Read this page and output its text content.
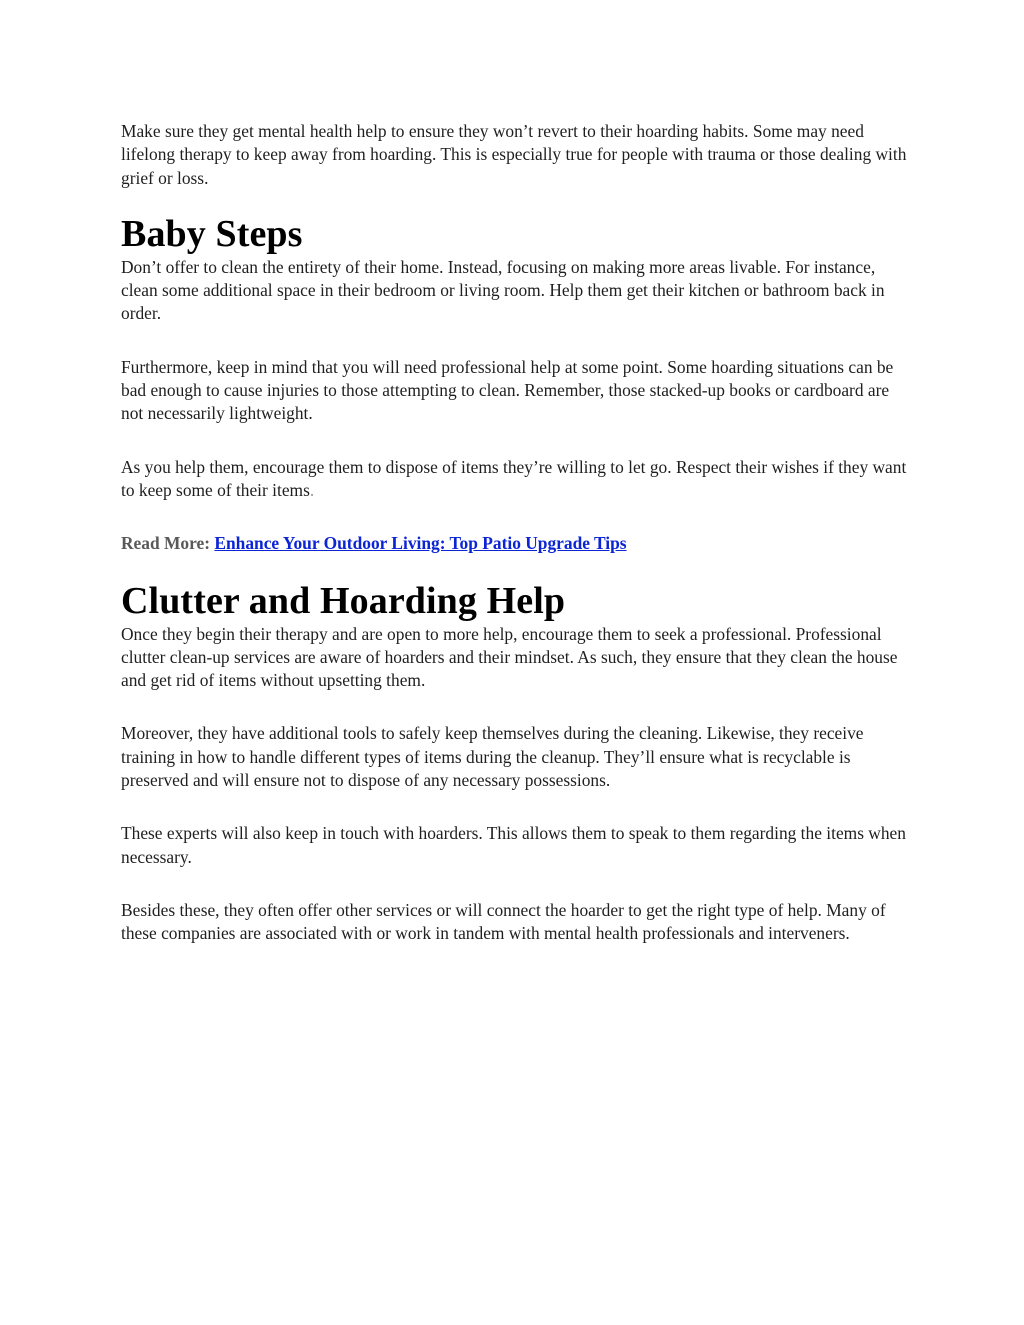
Make sure they get mental health help to ensure they won’t revert to their hoarding habits. Some may need lifelong therapy to keep away from hoarding. This is especially true for people with trauma or those dealing with grief or loss.

Baby Steps

Don’t offer to clean the entirety of their home. Instead, focusing on making more areas livable. For instance, clean some additional space in their bedroom or living room. Help them get their kitchen or bathroom back in order.

Furthermore, keep in mind that you will need professional help at some point. Some hoarding situations can be bad enough to cause injuries to those attempting to clean. Remember, those stacked-up books or cardboard are not necessarily lightweight.

As you help them, encourage them to dispose of items they’re willing to let go. Respect their wishes if they want to keep some of their items.

Read More: Enhance Your Outdoor Living: Top Patio Upgrade Tips

Clutter and Hoarding Help

Once they begin their therapy and are open to more help, encourage them to seek a professional. Professional clutter clean-up services are aware of hoarders and their mindset. As such, they ensure that they clean the house and get rid of items without upsetting them.

Moreover, they have additional tools to safely keep themselves during the cleaning. Likewise, they receive training in how to handle different types of items during the cleanup. They’ll ensure what is recyclable is preserved and will ensure not to dispose of any necessary possessions.

These experts will also keep in touch with hoarders. This allows them to speak to them regarding the items when necessary.

Besides these, they often offer other services or will connect the hoarder to get the right type of help. Many of these companies are associated with or work in tandem with mental health professionals and interveners.
